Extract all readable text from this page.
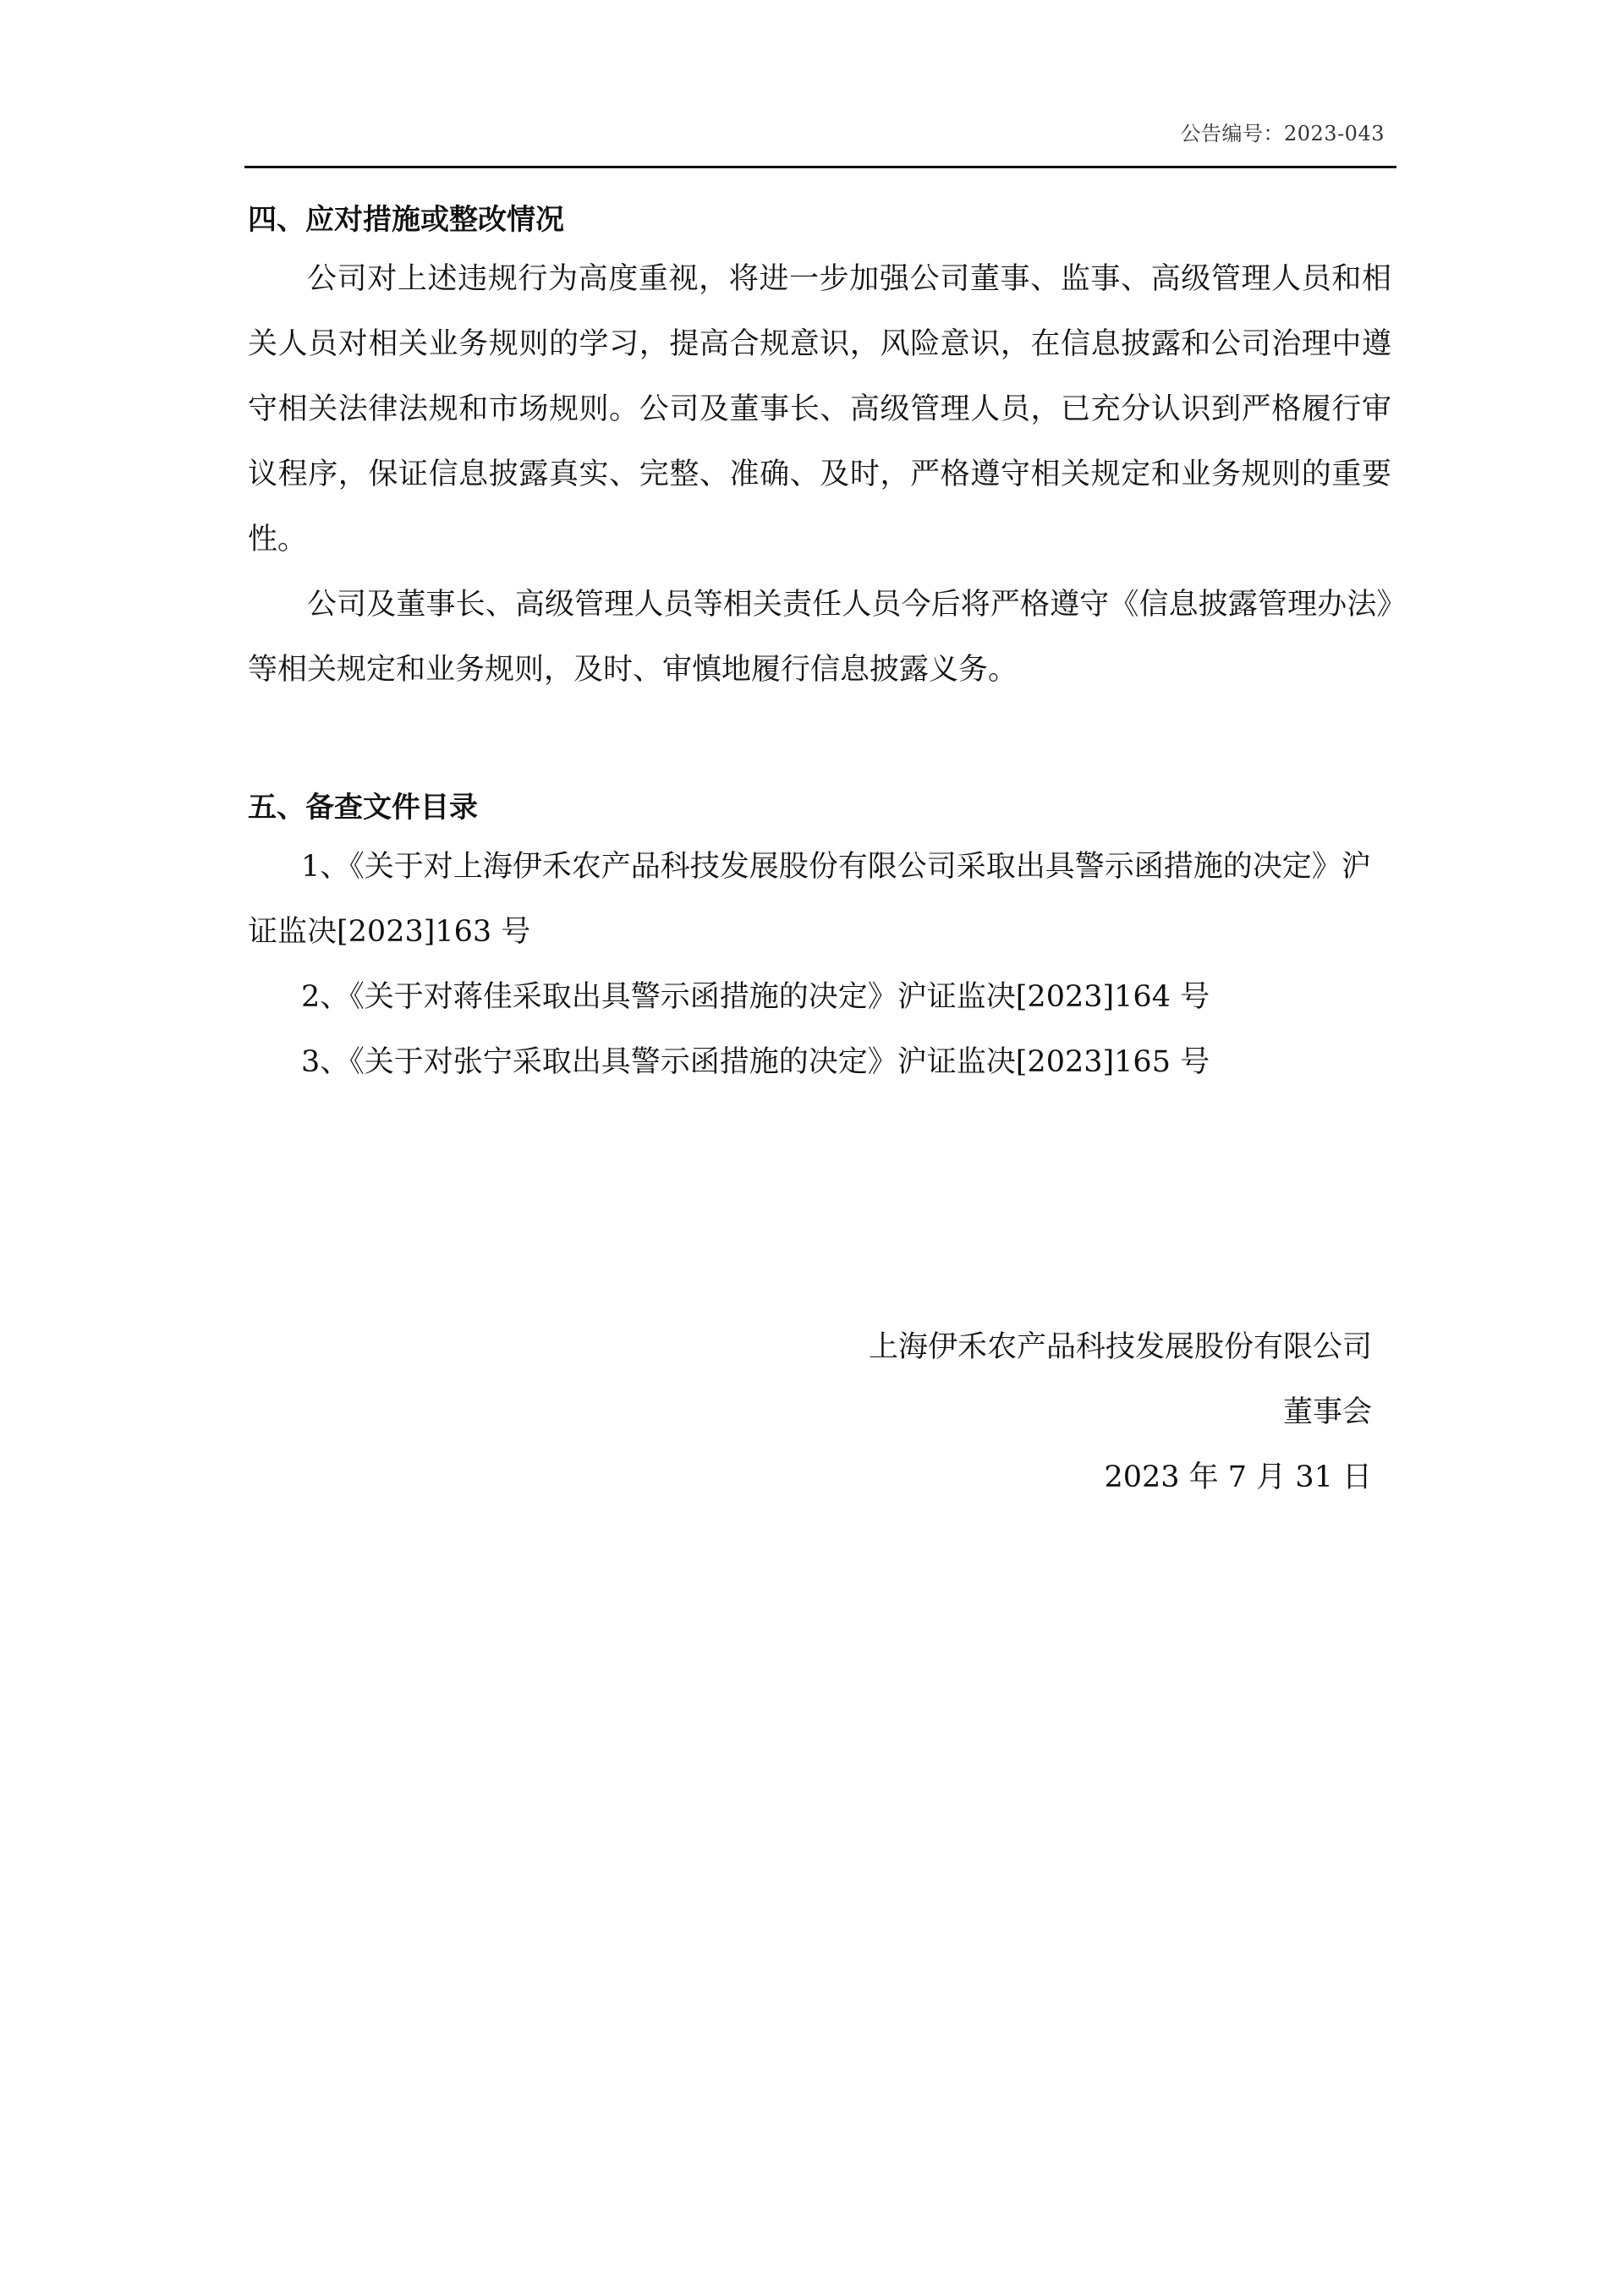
公告编号：2023-043
四、应对措施或整改情况

公司对上述违规行为高度重视，将进一步加强公司董事、监事、高级管理人员和相关人员对相关业务规则的学习，提高合规意识，风险意识，在信息披露和公司治理中遵守相关法律法规和市场规则。公司及董事长、高级管理人员，已充分认识到严格履行审议程序，保证信息披露真实、完整、准确、及时，严格遵守相关规定和业务规则的重要性。

公司及董事长、高级管理人员等相关责任人员今后将严格遵守《信息披露管理办法》等相关规定和业务规则，及时、审慎地履行信息披露义务。

五、备查文件目录
1、《关于对上海伊禾农产品科技发展股份有限公司采取出具警示函措施的决定》沪证监决[2023]163 号
2、《关于对蒋佳采取出具警示函措施的决定》沪证监决[2023]164 号
3、《关于对张宁采取出具警示函措施的决定》沪证监决[2023]165 号
上海伊禾农产品科技发展股份有限公司
董事会
2023 年 7 月 31 日
